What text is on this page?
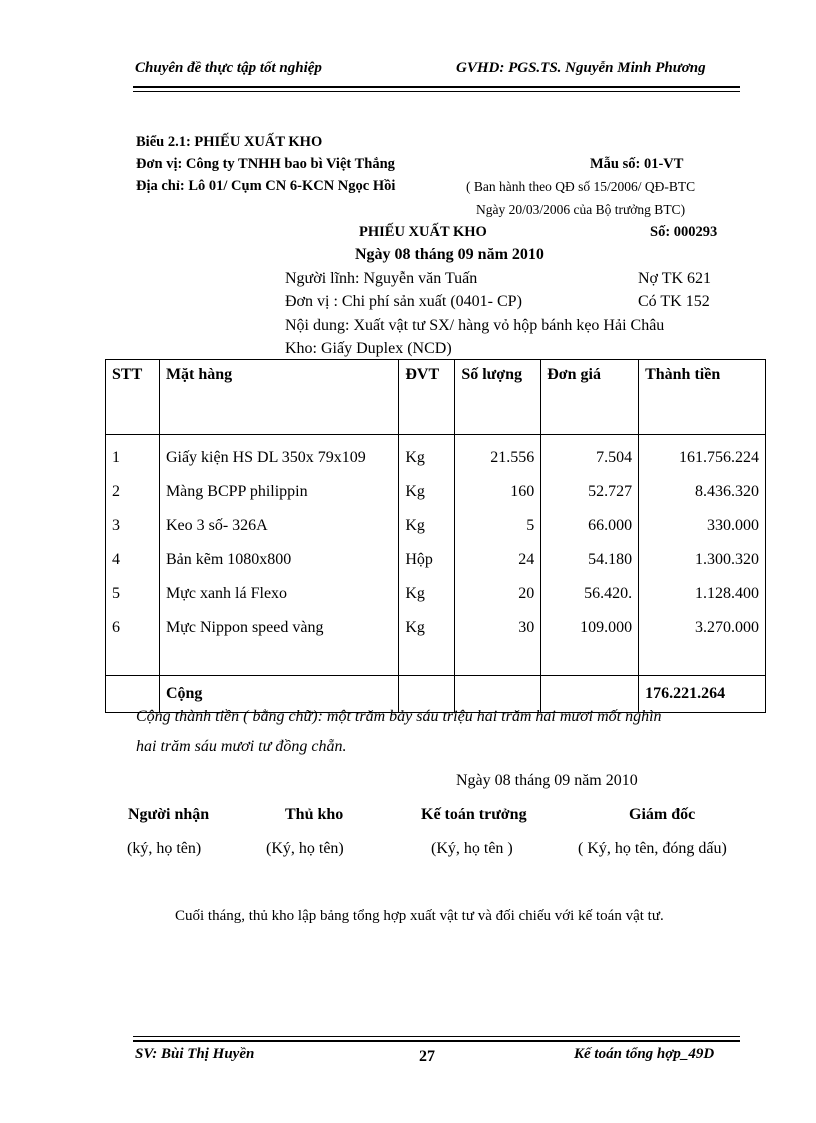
Chuyên đề thực tập tốt nghiệp	GVHD: PGS.TS. Nguyễn Minh Phương
Biểu 2.1: PHIẾU XUẤT KHO
Đơn vị: Công ty TNHH bao bì Việt Thắng
Địa chỉ: Lô 01/ Cụm CN 6-KCN Ngọc Hồi
Mẫu số: 01-VT
( Ban hành theo QĐ số 15/2006/ QĐ-BTC
Ngày 20/03/2006 của Bộ trưởng BTC)
PHIẾU XUẤT KHO	Số: 000293
Ngày 08 tháng 09 năm 2010
Người lĩnh: Nguyễn văn Tuấn	Nợ TK 621
Đơn vị : Chi phí sản xuất (0401- CP)	Có TK 152
Nội dung: Xuất vật tư SX/ hàng vỏ hộp bánh kẹo Hải Châu
Kho: Giấy Duplex (NCD)
STT	Mặt hàng	ĐVT	Số lượng	Đơn giá	Thành tiền
1	Giấy kiện HS DL 350x 79x109	Kg	21.556	7.504	161.756.224
2	Màng BCPP philippin	Kg	160	52.727	8.436.320
3	Keo 3 số- 326A	Kg	5	66.000	330.000
4	Bản kẽm 1080x800	Hộp	24	54.180	1.300.320
5	Mực xanh lá Flexo	Kg	20	56.420.	1.128.400
6	Mực Nippon speed vàng	Kg	30	109.000	3.270.000

	Cộng				176.221.264
Cộng thành tiền ( bằng chữ): một trăm bảy sáu triệu hai trăm hai mươi mốt nghìn
hai trăm sáu mươi tư đồng chẵn.
Ngày 08 tháng 09 năm 2010
Người nhận	Thủ kho	Kế toán trưởng	Giám đốc
(ký, họ tên)	(Ký, họ tên)	(Ký, họ tên )	( Ký, họ tên, đóng dấu)
Cuối tháng, thủ kho lập bảng tổng hợp xuất vật tư và đối chiếu với kế toán vật tư.
SV: Bùi Thị Huyền	27	Kế toán tổng hợp_49D
